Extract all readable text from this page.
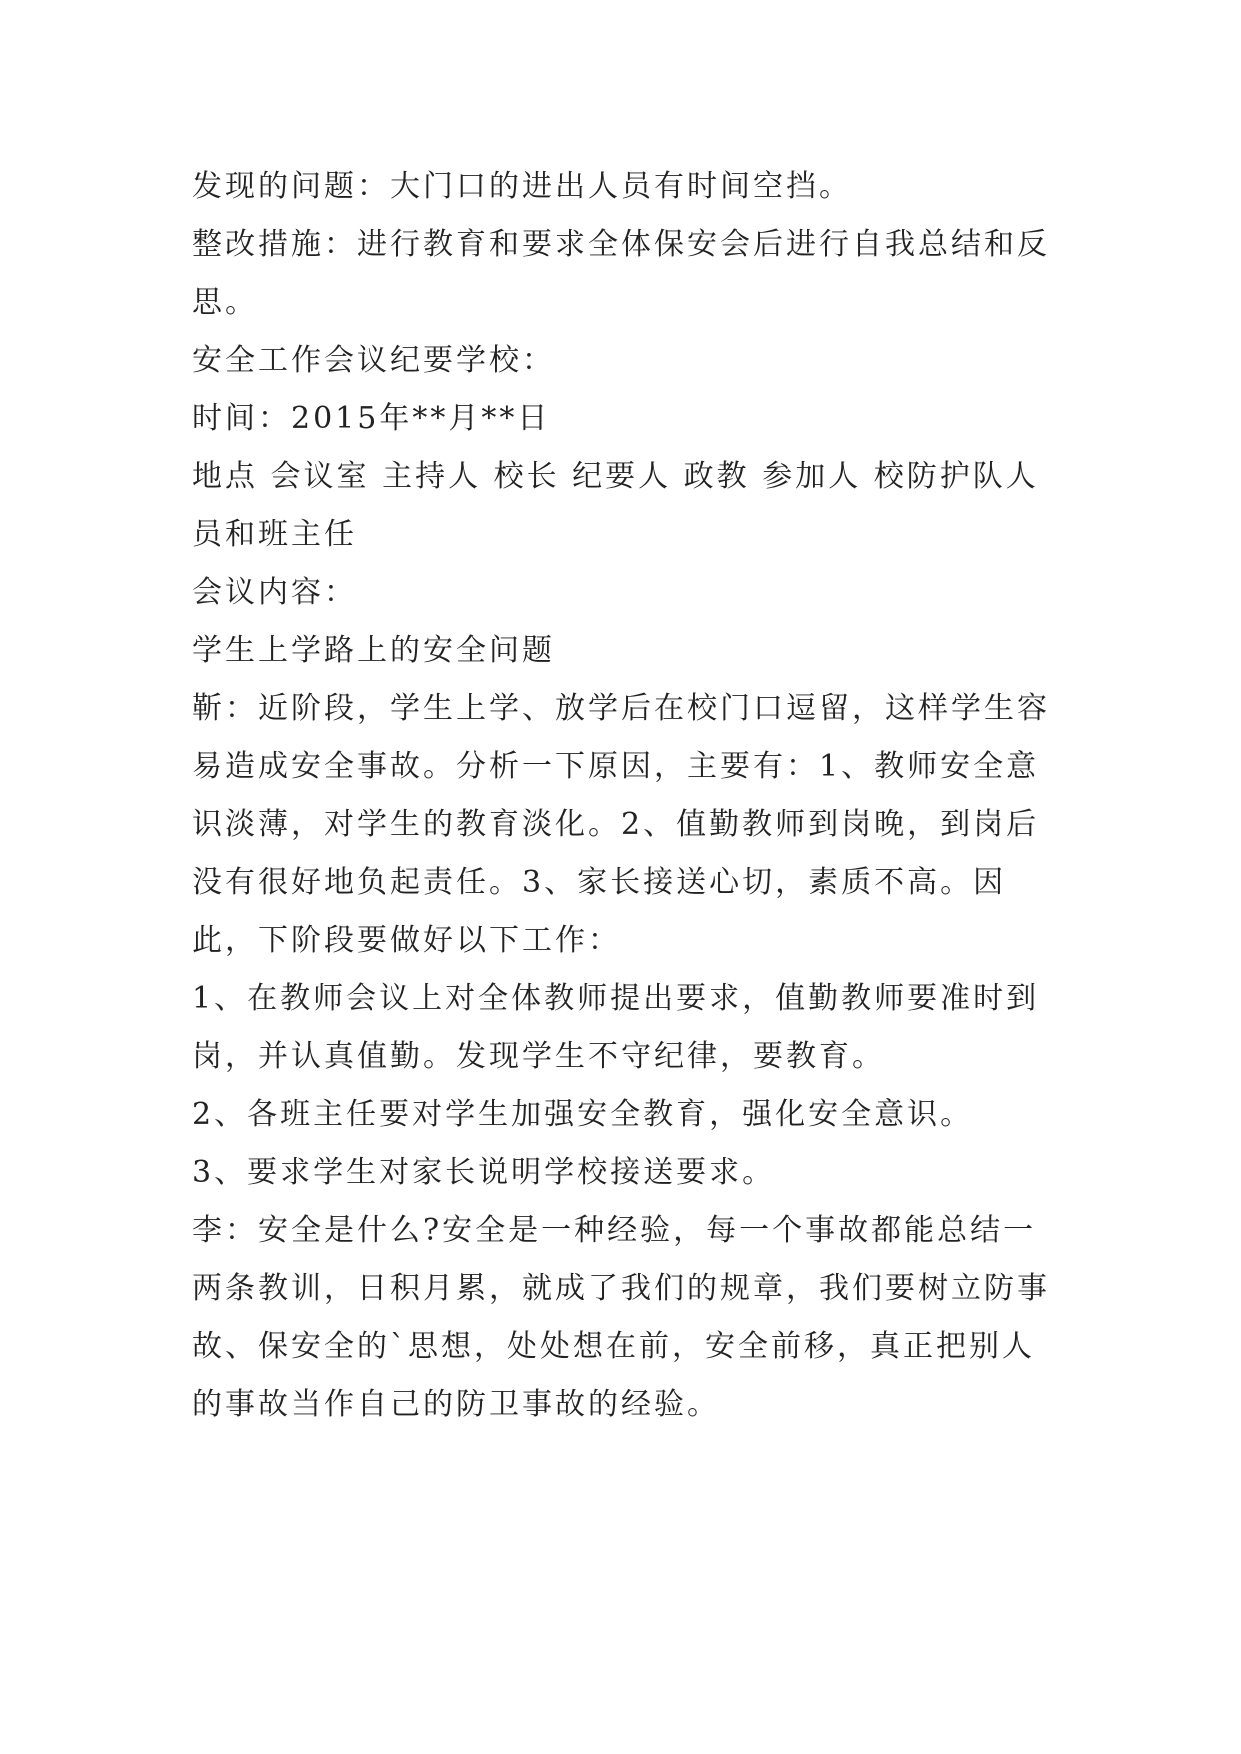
发现的问题：大门口的进出人员有时间空挡。

整改措施：进行教育和要求全体保安会后进行自我总结和反思。

安全工作会议纪要学校：

时间：2015年**月**日

地点 会议室 主持人 校长 纪要人 政教 参加人 校防护队人员和班主任

会议内容：

学生上学路上的安全问题

靳：近阶段，学生上学、放学后在校门口逗留，这样学生容易造成安全事故。分析一下原因，主要有：1、教师安全意识淡薄，对学生的教育淡化。2、值勤教师到岗晚，到岗后没有很好地负起责任。3、家长接送心切，素质不高。因此，下阶段要做好以下工作：

1、在教师会议上对全体教师提出要求，值勤教师要准时到岗，并认真值勤。发现学生不守纪律，要教育。

2、各班主任要对学生加强安全教育，强化安全意识。

3、要求学生对家长说明学校接送要求。

李：安全是什么?安全是一种经验，每一个事故都能总结一两条教训，日积月累，就成了我们的规章，我们要树立防事故、保安全的`思想，处处想在前，安全前移，真正把别人的事故当作自己的防卫事故的经验。
